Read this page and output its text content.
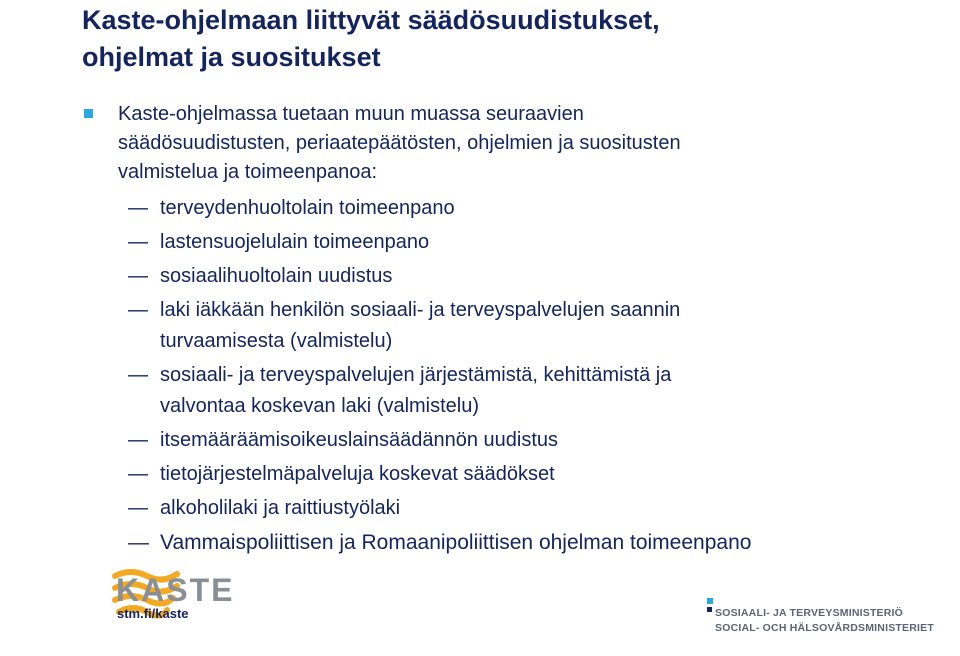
Kaste-ohjelmaan liittyvät säädösuudistukset,
ohjelmat ja suositukset
Kaste-ohjelmassa tuetaan muun muassa seuraavien
säädösuudistusten, periaatepäätösten, ohjelmien ja suositusten
valmistelua ja toimeenpanoa:
— terveydenhuoltolain toimeenpano
— lastensuojelulain toimeenpano
— sosiaalihuoltolain uudistus
— laki iäkkään henkilön sosiaali- ja terveyspalvelujen saannin
turvaamisesta (valmistelu)
— sosiaali- ja terveyspalvelujen järjestämistä, kehittämistä ja
valvontaa koskevan laki (valmistelu)
— itsemääräämisoikeuslainsäädännön uudistus
— tietojärjestelmäpalveluja koskevat säädökset
— alkoholilaki ja raittiustyölaki
— Vammaispoliittisen ja Romaanipoliittisen ohjelman toimeenpano
KASTE
stm.fi/kaste	SOSIAALI- JA TERVEYSMINISTERIÖ
SOCIAL- OCH HÄLSOVÅRDSMINISTERIET
